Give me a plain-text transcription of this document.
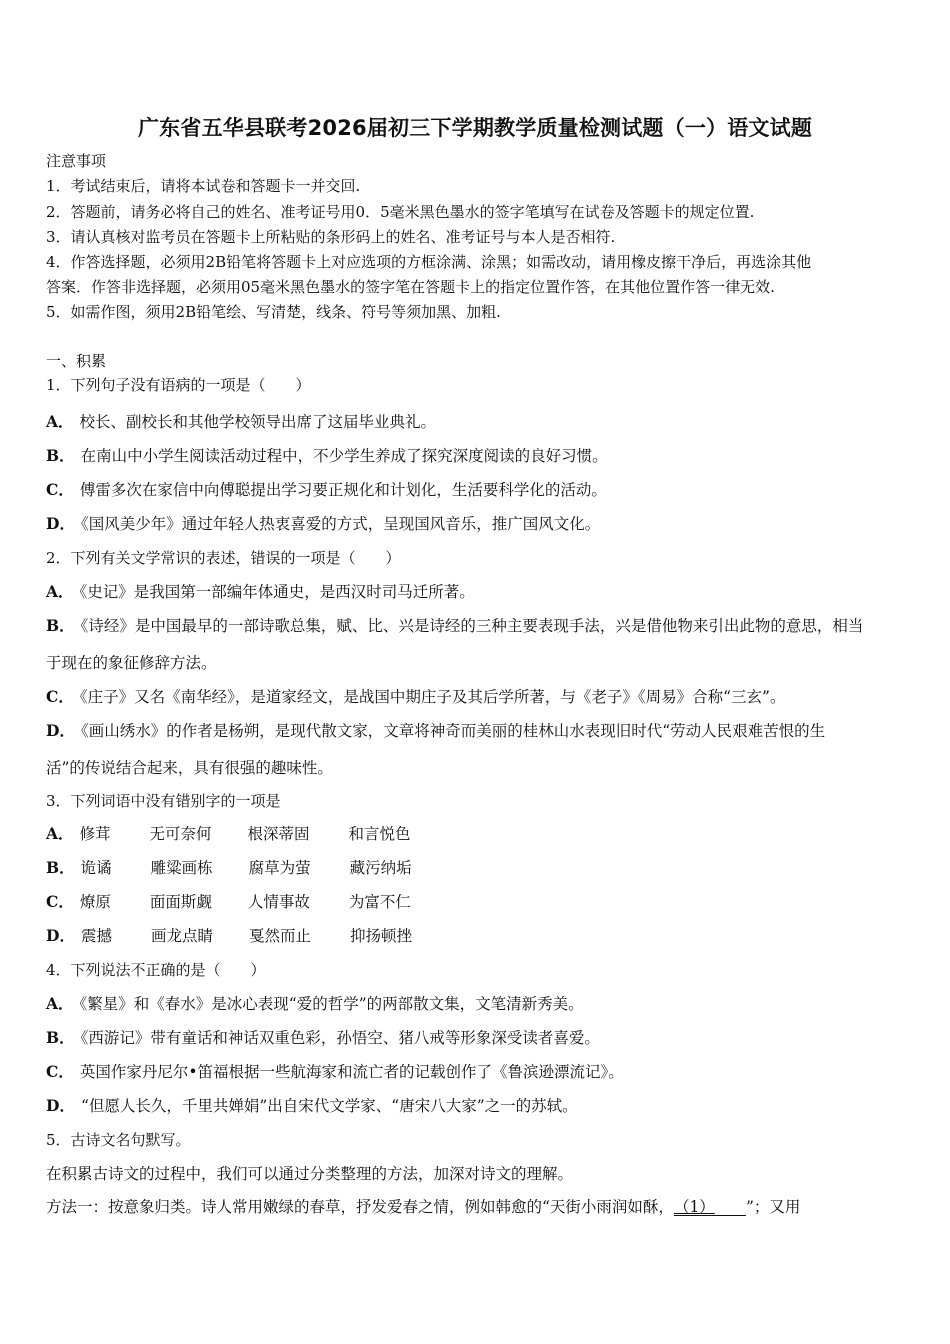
广东省五华县联考2026届初三下学期教学质量检测试题（一）语文试题
注意事项
1．考试结束后，请将本试卷和答题卡一并交回.
2．答题前，请务必将自己的姓名、准考证号用0．5毫米黑色墨水的签字笔填写在试卷及答题卡的规定位置.
3．请认真核对监考员在答题卡上所粘贴的条形码上的姓名、准考证号与本人是否相符.
4．作答选择题，必须用2B铅笔将答题卡上对应选项的方框涂满、涂黑；如需改动，请用橡皮擦干净后，再选涂其他
答案．作答非选择题，必须用05毫米黑色墨水的签字笔在答题卡上的指定位置作答，在其他位置作答一律无效.
5．如需作图，须用2B铅笔绘、写清楚，线条、符号等须加黑、加粗.
一、积累
1．下列句子没有语病的一项是（　　）
A． 校长、副校长和其他学校领导出席了这届毕业典礼。
B． 在南山中小学生阅读活动过程中，不少学生养成了探究深度阅读的良好习惯。
C． 傅雷多次在家信中向傅聪提出学习要正规化和计划化，生活要科学化的活动。
D． 《国风美少年》通过年轻人热衷喜爱的方式，呈现国风音乐，推广国风文化。
2．下列有关文学常识的表述，错误的一项是（　　）
A． 《史记》是我国第一部编年体通史，是西汉时司马迁所著。
B． 《诗经》是中国最早的一部诗歌总集，赋、比、兴是诗经的三种主要表现手法，兴是借他物来引出此物的意思，相当
于现在的象征修辞方法。
C． 《庄子》又名《南华经》，是道家经文，是战国中期庄子及其后学所著，与《老子》《周易》合称“三玄”。
D． 《画山绣水》的作者是杨朔，是现代散文家，文章将神奇而美丽的桂林山水表现旧时代“劳动人民艰难苦恨的生
活”的传说结合起来，具有很强的趣味性。
3．下列词语中没有错别字的一项是
A． 修茸	无可奈何 根深蒂固	和言悦色
B． 诡谲	雕粱画栋 腐草为萤	藏污纳垢
C． 燎原	面面斯觑 人情事故	为富不仁
D． 震撼	画龙点睛 戛然而止	抑扬顿挫
4．下列说法不正确的是（　　）
A． 《繁星》和《春水》是冰心表现“爱的哲学”的两部散文集，文笔清新秀美。
B． 《西游记》带有童话和神话双重色彩，孙悟空、猪八戒等形象深受读者喜爱。
C． 英国作家丹尼尔•笛福根据一些航海家和流亡者的记载创作了《鲁滨逊漂流记》。
D． “但愿人长久，千里共婵娟”出自宋代文学家、“唐宋八大家”之一的苏轼。
5．古诗文名句默写。
在积累古诗文的过程中，我们可以通过分类整理的方法，加深对诗文的理解。
方法一：按意象归类。诗人常用嫩绿的春草，抒发爱春之情，例如韩愈的“天街小雨润如酥，（1） ”；又用
